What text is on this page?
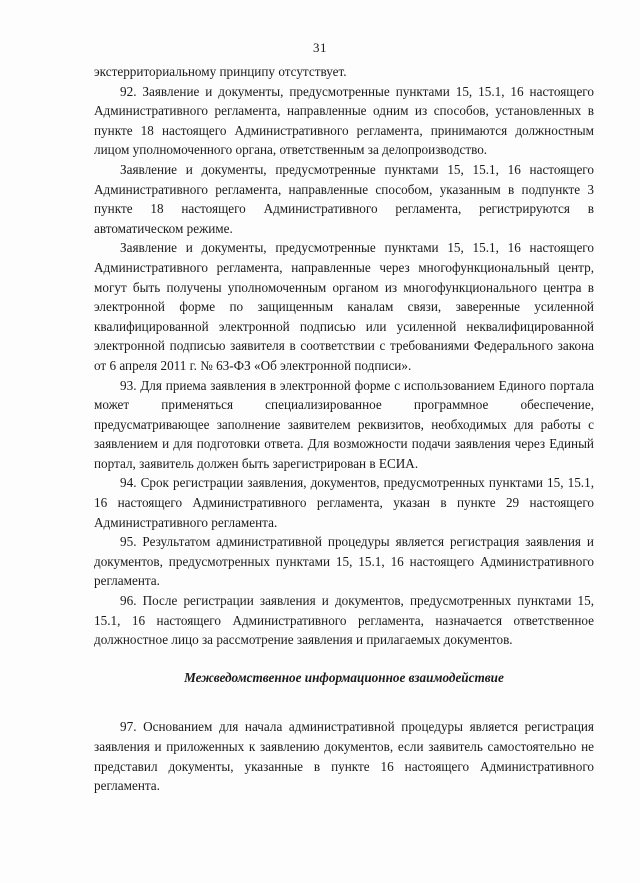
31

экстерриториальному принципу отсутствует.

92. Заявление и документы, предусмотренные пунктами 15, 15.1, 16 настоящего Административного регламента, направленные одним из способов, установленных в пункте 18 настоящего Административного регламента, принимаются должностным лицом уполномоченного органа, ответственным за делопроизводство.

Заявление и документы, предусмотренные пунктами 15, 15.1, 16 настоящего Административного регламента, направленные способом, указанным в подпункте 3 пункте 18 настоящего Административного регламента, регистрируются в автоматическом режиме.

Заявление и документы, предусмотренные пунктами 15, 15.1, 16 настоящего Административного регламента, направленные через многофункциональный центр, могут быть получены уполномоченным органом из многофункционального центра в электронной форме по защищенным каналам связи, заверенные усиленной квалифицированной электронной подписью или усиленной неквалифицированной электронной подписью заявителя в соответствии с требованиями Федерального закона от 6 апреля 2011 г. № 63-ФЗ «Об электронной подписи».

93. Для приема заявления в электронной форме с использованием Единого портала может применяться специализированное программное обеспечение, предусматривающее заполнение заявителем реквизитов, необходимых для работы с заявлением и для подготовки ответа. Для возможности подачи заявления через Единый портал, заявитель должен быть зарегистрирован в ЕСИА.

94. Срок регистрации заявления, документов, предусмотренных пунктами 15, 15.1, 16 настоящего Административного регламента, указан в пункте 29 настоящего Административного регламента.

95. Результатом административной процедуры является регистрация заявления и документов, предусмотренных пунктами 15, 15.1, 16 настоящего Административного регламента.

96. После регистрации заявления и документов, предусмотренных пунктами 15, 15.1, 16 настоящего Административного регламента, назначается ответственное должностное лицо за рассмотрение заявления и прилагаемых документов.

Межведомственное информационное взаимодействие

97. Основанием для начала административной процедуры является регистрация заявления и приложенных к заявлению документов, если заявитель самостоятельно не представил документы, указанные в пункте 16 настоящего Административного регламента.
